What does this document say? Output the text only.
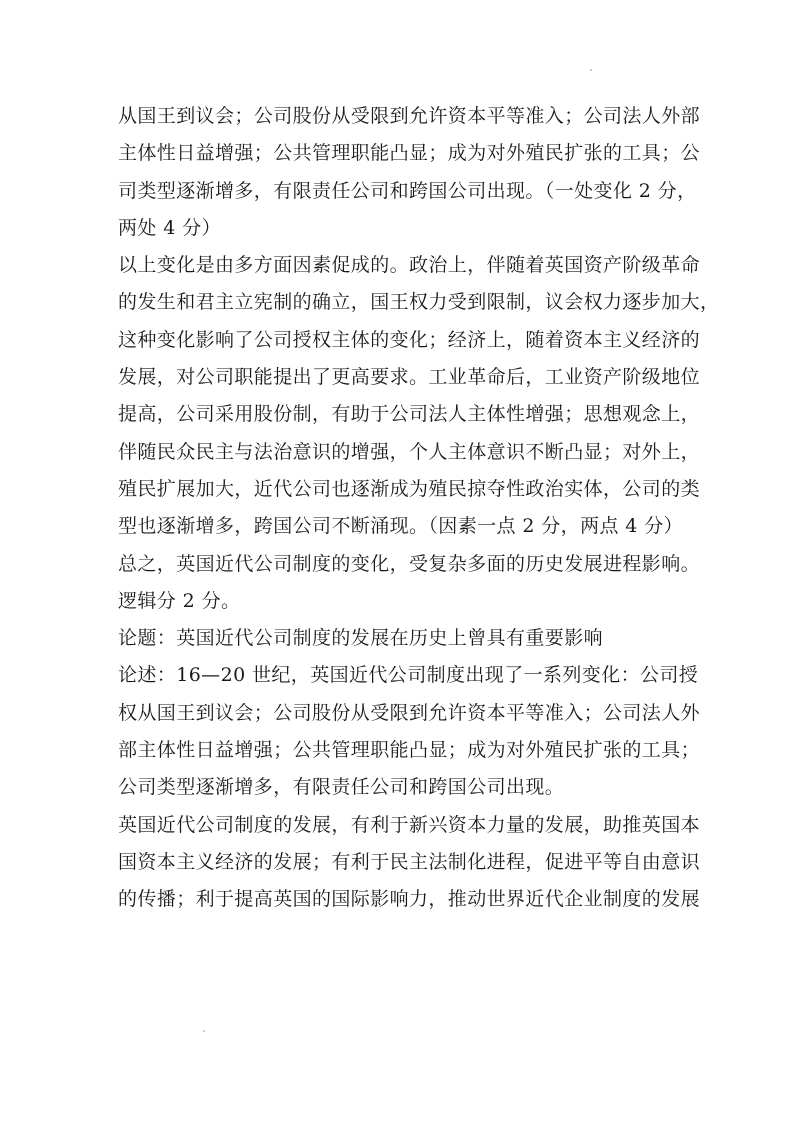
从国王到议会；公司股份从受限到允许资本平等准入；公司法人外部
主体性日益增强；公共管理职能凸显；成为对外殖民扩张的工具；公
司类型逐渐增多，有限责任公司和跨国公司出现。（一处变化 2 分，
两处 4 分）
以上变化是由多方面因素促成的。政治上，伴随着英国资产阶级革命
的发生和君主立宪制的确立，国王权力受到限制，议会权力逐步加大，
这种变化影响了公司授权主体的变化；经济上，随着资本主义经济的
发展，对公司职能提出了更高要求。工业革命后，工业资产阶级地位
提高，公司采用股份制，有助于公司法人主体性增强；思想观念上，
伴随民众民主与法治意识的增强，个人主体意识不断凸显；对外上，
殖民扩展加大，近代公司也逐渐成为殖民掠夺性政治实体，公司的类
型也逐渐增多，跨国公司不断涌现。（因素一点 2 分，两点 4 分）
总之，英国近代公司制度的变化，受复杂多面的历史发展进程影响。
逻辑分 2 分。
论题：英国近代公司制度的发展在历史上曾具有重要影响
论述：16—20 世纪，英国近代公司制度出现了一系列变化：公司授
权从国王到议会；公司股份从受限到允许资本平等准入；公司法人外
部主体性日益增强；公共管理职能凸显；成为对外殖民扩张的工具；
公司类型逐渐增多，有限责任公司和跨国公司出现。
英国近代公司制度的发展，有利于新兴资本力量的发展，助推英国本
国资本主义经济的发展；有利于民主法制化进程，促进平等自由意识
的传播；利于提高英国的国际影响力，推动世界近代企业制度的发展
